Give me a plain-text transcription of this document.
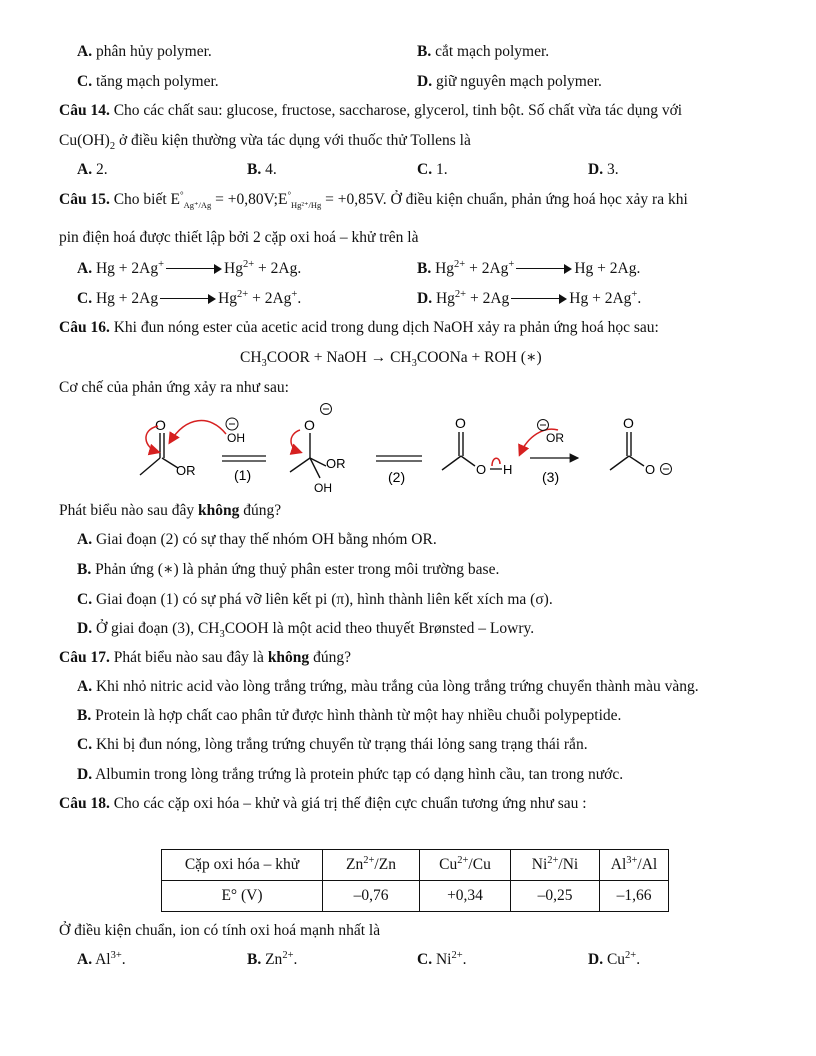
A. phân hủy polymer.	B. cắt mạch polymer.
C. tăng mạch polymer.	D. giữ nguyên mạch polymer.
Câu 14. Cho các chất sau: glucose, fructose, saccharose, glycerol, tinh bột. Số chất vừa tác dụng với
$Cu(OH)_2$ ở điều kiện thường vừa tác dụng với thuốc thử Tollens là
A. 2.	B. 4.	C. 1.	D. 3.
Câu 15. Cho biết $E^\circ_{Ag^+/Ag}$ = $+0,80V;E^\circ_{Hg^{2+}/Hg} = +0,85V$. Ở điều kiện chuẩn, phản ứng hoá học xảy ra khi
pin điện hoá được thiết lập bởi 2 cặp oxi hoá – khử trên là
A. Hg + 2Ag+	$Hg^{2+} + 2Ag$.	B. $Hg^{2+} + 2Ag^+$	Hg + 2Ag.
C. Hg + 2Ag	$Hg^{2+} + 2Ag^+$.	D. $Hg^{2+} + 2Ag$	Hg + 2Ag+.
Câu 16. Khi đun nóng ester của acetic acid trong dung dịch NaOH xảy ra phản ứng hoá học sau:
$CH_3COOR$ + NaOH → $CH_3COONa$ + ROH (∗)
Cơ chế của phản ứng xảy ra như sau:
O
OR
OH
(1)
O
OR
OH
(2)
O
O H
OR
(3)
O
O
Phát biểu nào sau đây không đúng?
A. Giai đoạn (2) có sự thay thế nhóm OH bằng nhóm OR.
B. Phản ứng (∗) là phản ứng thuỷ phân ester trong môi trường base.
C. Giai đoạn (1) có sự phá vỡ liên kết pi (π), hình thành liên kết xích ma (σ).
D. Ở giai đoạn (3), $CH_3COOH$ là một acid theo thuyết Brønsted – Lowry.
Câu 17. Phát biểu nào sau đây là không đúng?
A. Khi nhỏ nitric acid vào lòng trắng trứng, màu trắng của lòng trắng trứng chuyển thành màu vàng.
B. Protein là hợp chất cao phân tử được hình thành từ một hay nhiều chuỗi polypeptide.
C. Khi bị đun nóng, lòng trắng trứng chuyển từ trạng thái lỏng sang trạng thái rắn.
D. Albumin trong lòng trắng trứng là protein phức tạp có dạng hình cầu, tan trong nước.
Câu 18. Cho các cặp oxi hóa – khử và giá trị thế điện cực chuẩn tương ứng như sau :
Cặp oxi hóa – khử	$Zn^{2+}/Zn$	$Cu^{2+}/Cu$	$Ni^{2+}/Ni$	$Al^{3+}/Al$
E° (V)	–0,76	+0,34	–0,25	–1,66
Ở điều kiện chuẩn, ion có tính oxi hoá mạnh nhất là
A. $Al^{3+}$.	B. $Zn^{2+}$.	C. $Ni^{2+}$.	D. $Cu^{2+}$.
